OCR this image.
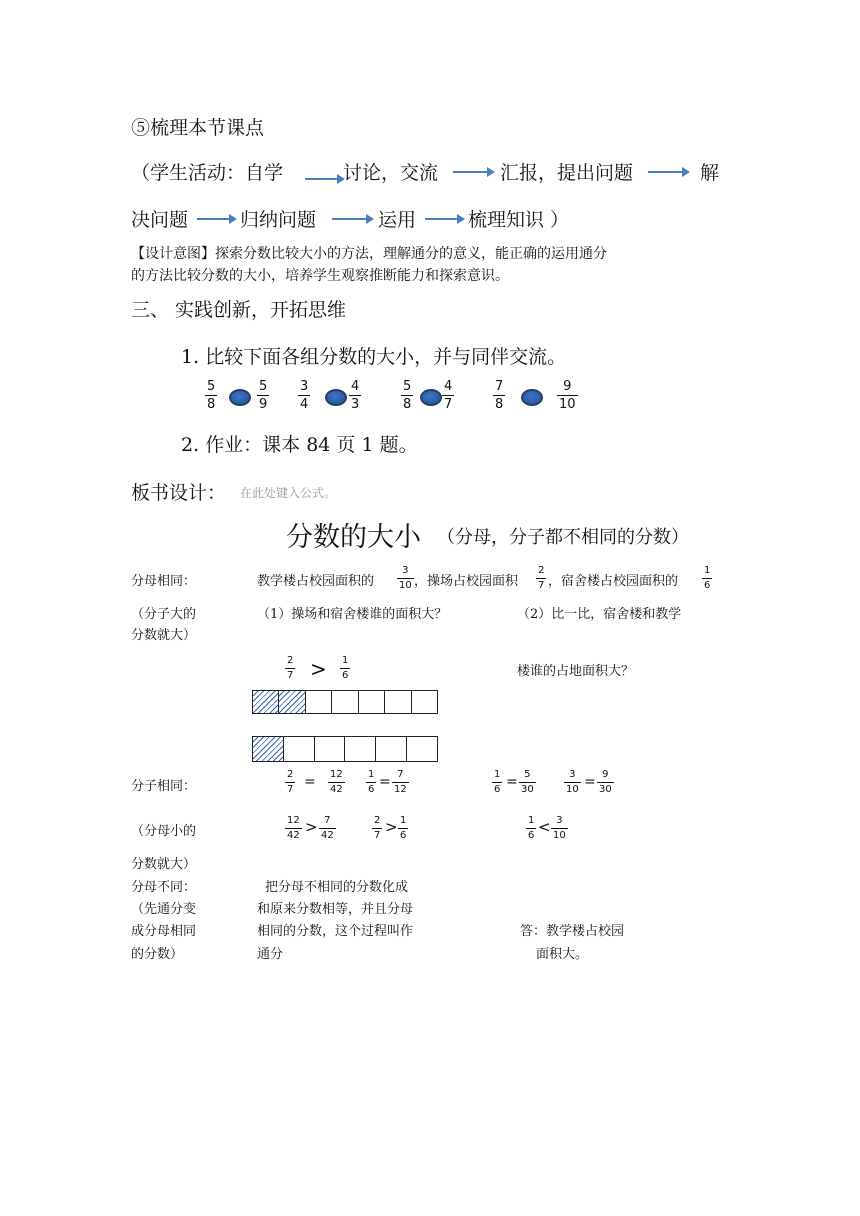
⑤梳理本节课点
（学生活动：自学	讨论，交流	汇报，提出问题	解
决问题	归纳问题	运用	梳理知识 ）
【设计意图】探索分数比较大小的方法，理解通分的意义，能正确的运用通分
的方法比较分数的大小，培养学生观察推断能力和探索意识。
三、 实践创新，开拓思维
1. 比较下面各组分数的大小，并与同伴交流。
5
8
5
9
3
4
4
3
5
8
4
7
7
8
9
10
2. 作业：课本 84 页 1 题。
板书设计： 在此处键入公式。
分数的大小 （分母，分子都不相同的分数）
分母相同：	教学楼占校园面积的
3
10 ，操场占校园面积
2
7 ，宿舍楼占校园面积的
1
6
（分子大的
分数就大）
（1）操场和宿舍楼谁的面积大？	（2）比一比，宿舍楼和教学
2
7 > 1
6	楼谁的占地面积大？
分子相同：
2
7 = 12
42
1
6 = 7
12
1
6 = 5
30
3
10 = 9
30
（分母小的
12
42 > 7
42
2
7 > 1
6
1
6 < 3
10
分数就大）
分母不同：
（先通分变
成分母相同
的分数）
把分母不相同的分数化成
和原来分数相等，并且分母
相同的分数，这个过程叫作
通分
答：教学楼占校园
面积大。
